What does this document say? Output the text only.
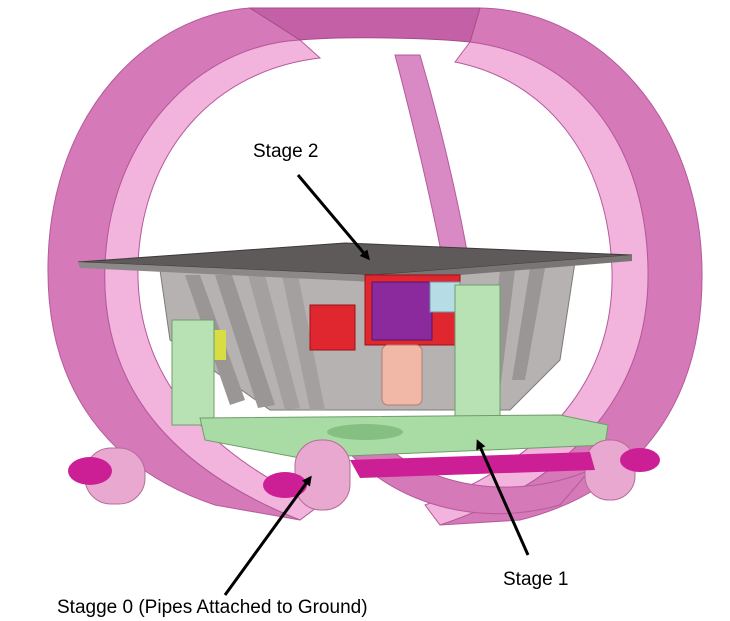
Stage 2
Stage 1
Stagge 0 (Pipes Attached to Ground)
